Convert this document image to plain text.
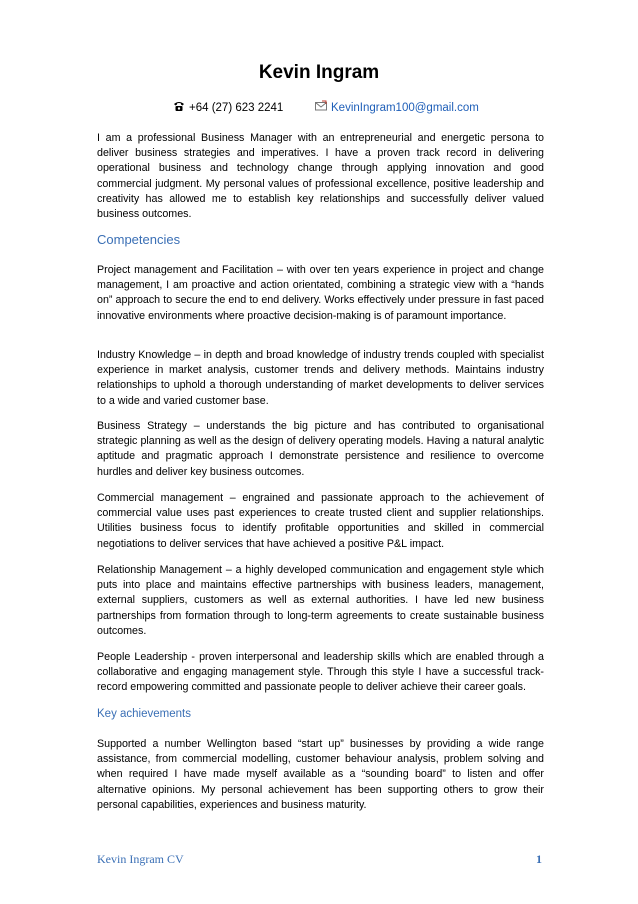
Kevin Ingram
+64 (27) 623 2241	KevinIngram100@gmail.com

I am a professional Business Manager with an entrepreneurial and energetic persona to deliver business strategies and imperatives. I have a proven track record in delivering operational business and technology change through applying innovation and good commercial judgment. My personal values of professional excellence, positive leadership and creativity has allowed me to establish key relationships and successfully deliver valued business outcomes.

Competencies

Project management and Facilitation – with over ten years experience in project and change management, I am proactive and action orientated, combining a strategic view with a “hands on” approach to secure the end to end delivery. Works effectively under pressure in fast paced innovative environments where proactive decision-making is of paramount importance.

Industry Knowledge – in depth and broad knowledge of industry trends coupled with specialist experience in market analysis, customer trends and delivery methods. Maintains industry relationships to uphold a thorough understanding of market developments to deliver services to a wide and varied customer base.

Business Strategy – understands the big picture and has contributed to organisational strategic planning as well as the design of delivery operating models. Having a natural analytic aptitude and pragmatic approach I demonstrate persistence and resilience to overcome hurdles and deliver key business outcomes.

Commercial management – engrained and passionate approach to the achievement of commercial value uses past experiences to create trusted client and supplier relationships. Utilities business focus to identify profitable opportunities and skilled in commercial negotiations to deliver services that have achieved a positive P&L impact.

Relationship Management – a highly developed communication and engagement style which puts into place and maintains effective partnerships with business leaders, management, external suppliers, customers as well as external authorities. I have led new business partnerships from formation through to long-term agreements to create sustainable business outcomes.

People Leadership - proven interpersonal and leadership skills which are enabled through a collaborative and engaging management style. Through this style I have a successful track-record empowering committed and passionate people to deliver achieve their career goals.

Key achievements

Supported a number Wellington based “start up” businesses by providing a wide range assistance, from commercial modelling, customer behaviour analysis, problem solving and when required I have made myself available as a “sounding board” to listen and offer alternative opinions. My personal achievement has been supporting others to grow their personal capabilities, experiences and business maturity.

Kevin Ingram CV	1
